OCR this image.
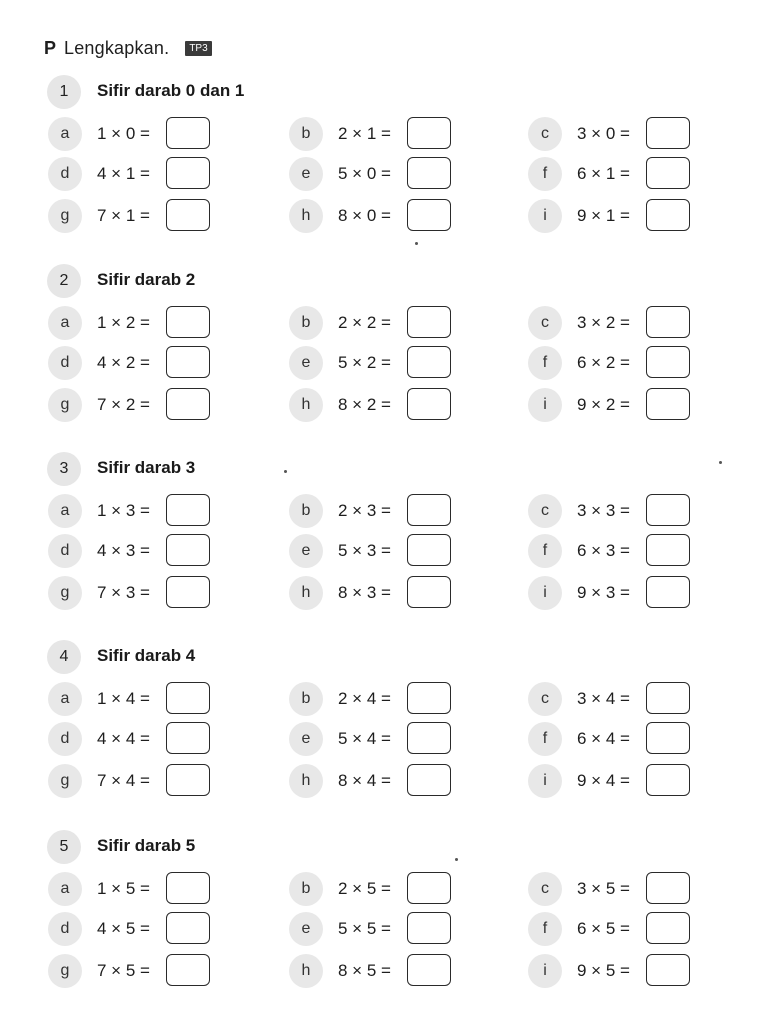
P Lengkapkan.	TP3
1	Sifir darab 0 dan 1
a	1 × 0 =	b	2 × 1 =	c	3 × 0 =
d	4 × 1 =	e	5 × 0 =	f	6 × 1 =
g	7 × 1 =	h	8 × 0 =	i	9 × 1 =
2	Sifir darab 2
a	1 × 2 =	b	2 × 2 =	c	3 × 2 =
d	4 × 2 =	e	5 × 2 =	f	6 × 2 =
g	7 × 2 =	h	8 × 2 =	i	9 × 2 =
3	Sifir darab 3
a	1 × 3 =	b	2 × 3 =	c	3 × 3 =
d	4 × 3 =	e	5 × 3 =	f	6 × 3 =
g	7 × 3 =	h	8 × 3 =	i	9 × 3 =
4	Sifir darab 4
a	1 × 4 =	b	2 × 4 =	c	3 × 4 =
d	4 × 4 =	e	5 × 4 =	f	6 × 4 =
g	7 × 4 =	h	8 × 4 =	i	9 × 4 =
5	Sifir darab 5
a	1 × 5 =	b	2 × 5 =	c	3 × 5 =
d	4 × 5 =	e	5 × 5 =	f	6 × 5 =
g	7 × 5 =	h	8 × 5 =	i	9 × 5 =
